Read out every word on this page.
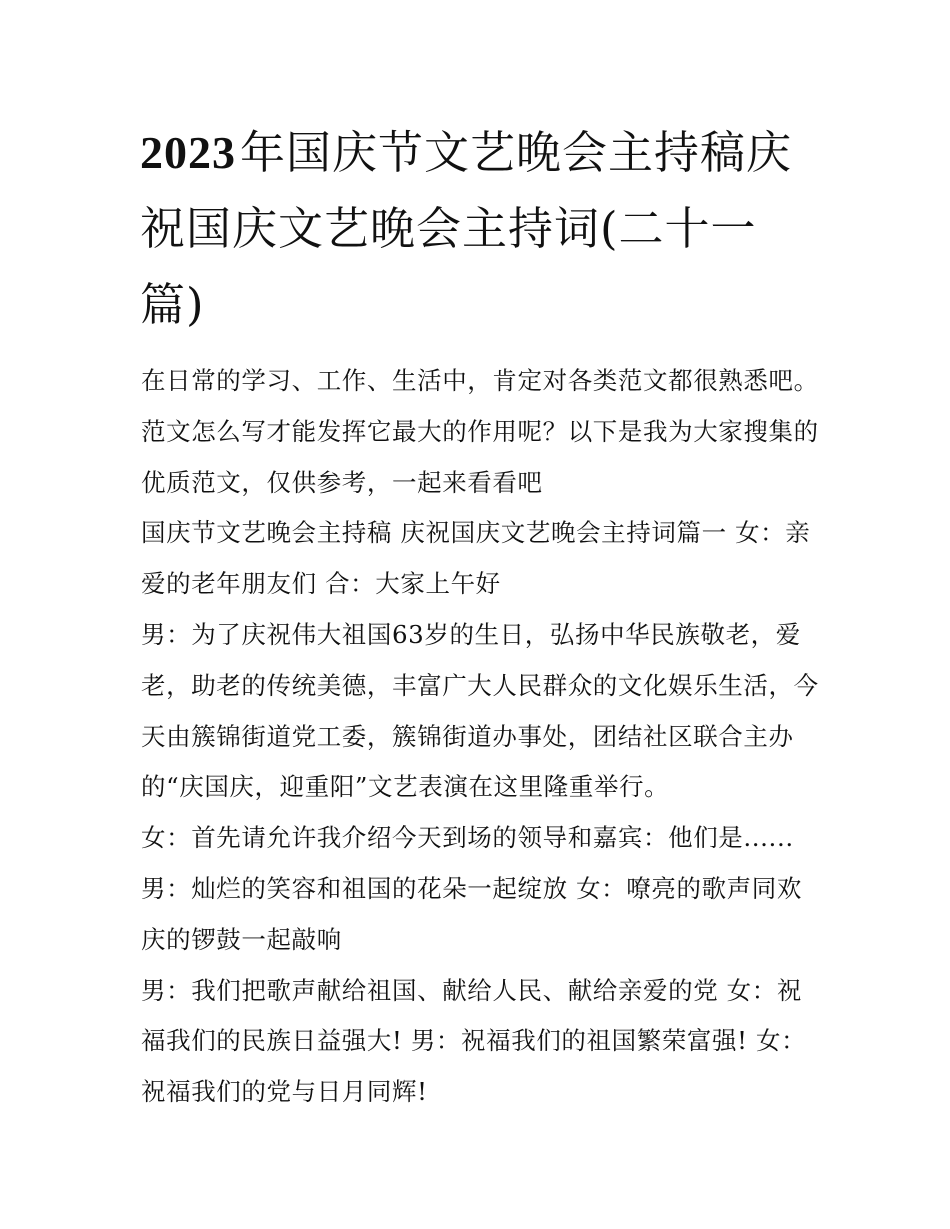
2023年国庆节文艺晚会主持稿庆祝国庆文艺晚会主持词(二十一篇)

在日常的学习、工作、生活中，肯定对各类范文都很熟悉吧。范文怎么写才能发挥它最大的作用呢？以下是我为大家搜集的优质范文，仅供参考，一起来看看吧

国庆节文艺晚会主持稿 庆祝国庆文艺晚会主持词篇一 女：亲爱的老年朋友们 合：大家上午好

男：为了庆祝伟大祖国63岁的生日，弘扬中华民族敬老，爱老，助老的传统美德，丰富广大人民群众的文化娱乐生活，今天由簇锦街道党工委，簇锦街道办事处，团结社区联合主办的“庆国庆，迎重阳”文艺表演在这里隆重举行。

女：首先请允许我介绍今天到场的领导和嘉宾：他们是......

男：灿烂的笑容和祖国的花朵一起绽放 女：嘹亮的歌声同欢庆的锣鼓一起敲响

男：我们把歌声献给祖国、献给人民、献给亲爱的党 女：祝福我们的民族日益强大! 男：祝福我们的祖国繁荣富强! 女：祝福我们的党与日月同辉!
